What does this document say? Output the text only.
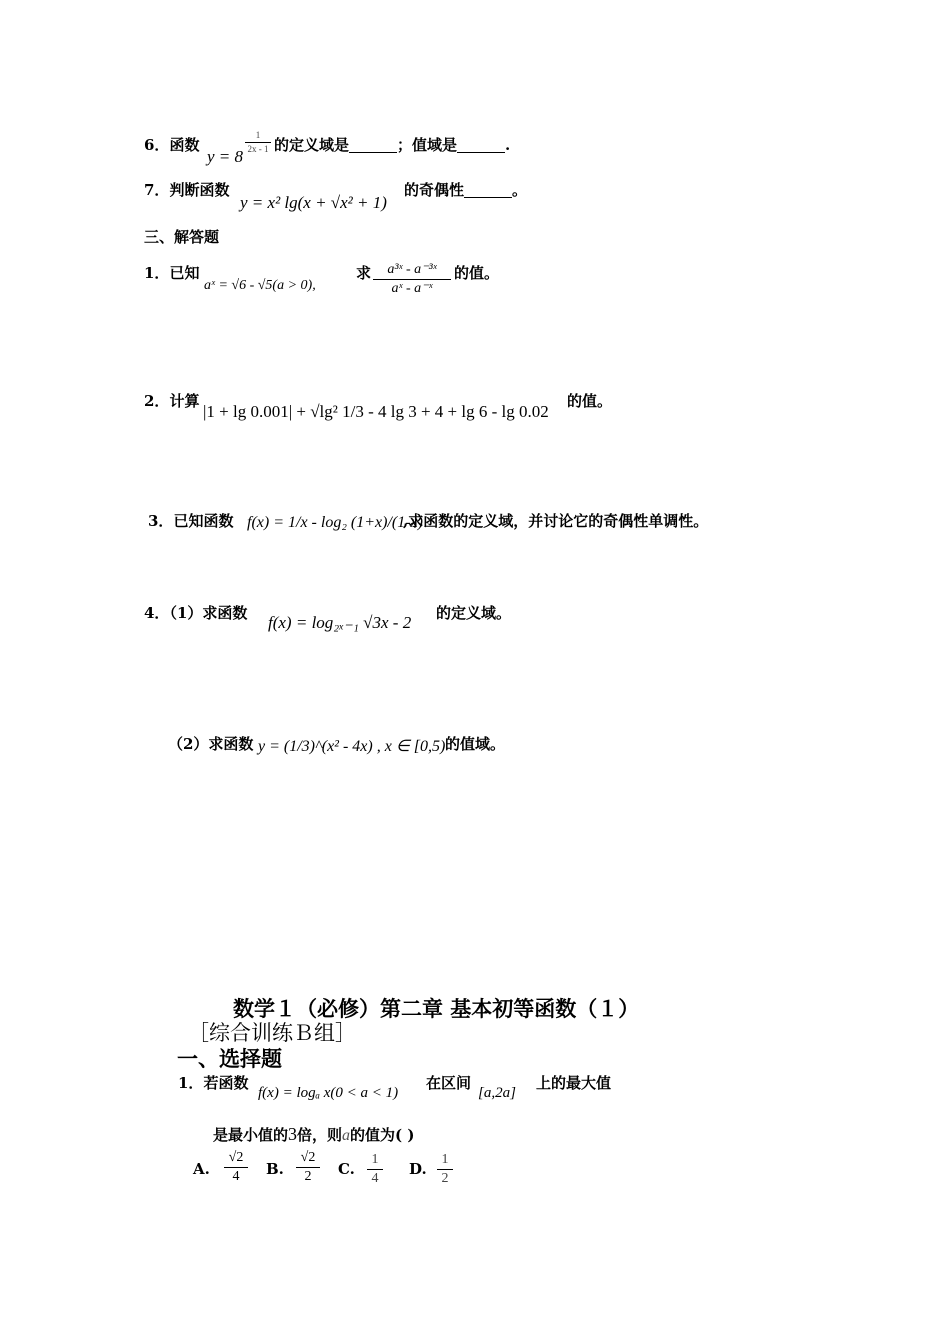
6．函数
y = 8
1
2x - 1 的定义域是	；值域是	.
7．判断函数
y = x² lg(x + √x² + 1)
的奇偶性	。
三、解答题
1．已知
aˣ = √6 - √5(a > 0),
求	a³ˣ - a⁻³ˣ
aˣ - a⁻ˣ
的值。
2．计算
|1 + lg 0.001| + √lg² 1/3 - 4 lg 3 + 4 + lg 6 - lg 0.02
的值。
3．已知函数 f(x) = 1/x - log₂ (1+x)/(1-x)
,求函数的定义域，并讨论它的奇偶性单调性。
4．（1）求函数 f(x) = log₂ₓ₋₁ √3x - 2 的定义域。
（2）求函数 y = (1/3)^(x² - 4x) , x ∈ [0,5) 的值域。
数学１（必修）第二章 基本初等函数（１）
［综合训练Ｂ组］
一、选择题
1．若函数
f(x) = logₐ x(0 < a < 1)
在区间
[a,2a]
上的最大值
是最小值的3倍，则a的值为( )
A.
√2
4	B.
√2
2	C.
1
4
D.
1
2
